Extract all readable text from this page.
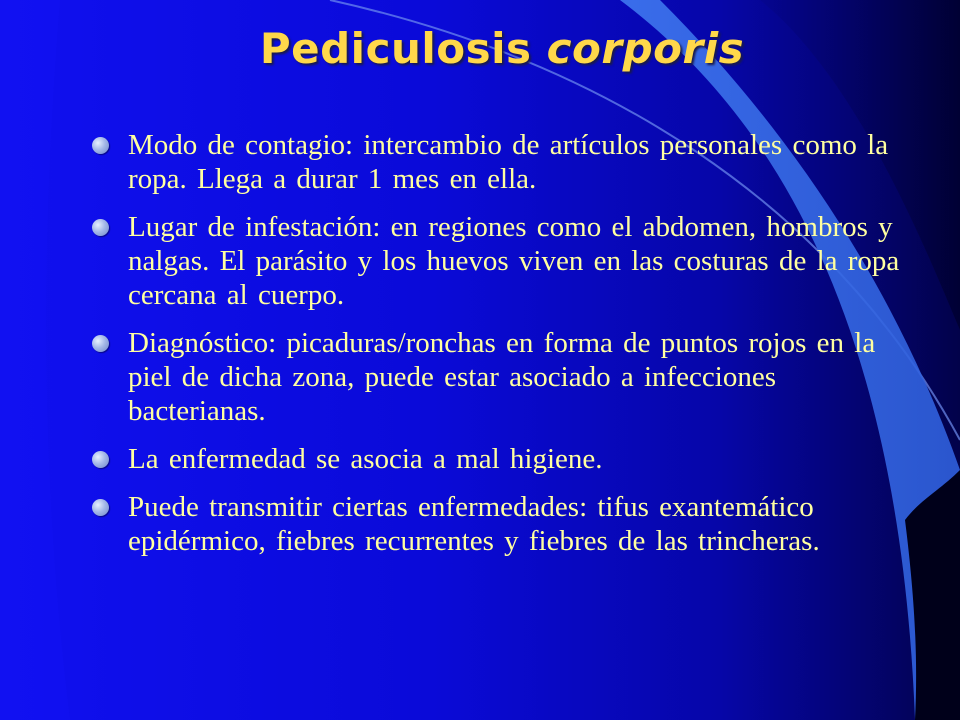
Pediculosis corporis
Modo de contagio: intercambio de artículos personales como la ropa. Llega a durar 1 mes en ella.
Lugar de infestación: en regiones como el abdomen, hombros y nalgas. El parásito y los huevos viven en las costuras de la ropa cercana al cuerpo.
Diagnóstico: picaduras/ronchas en forma de puntos rojos en la piel de dicha zona, puede estar asociado a infecciones bacterianas.
La enfermedad se asocia a mal higiene.
Puede transmitir ciertas enfermedades: tifus exantemático epidérmico, fiebres recurrentes y fiebres de las trincheras.
